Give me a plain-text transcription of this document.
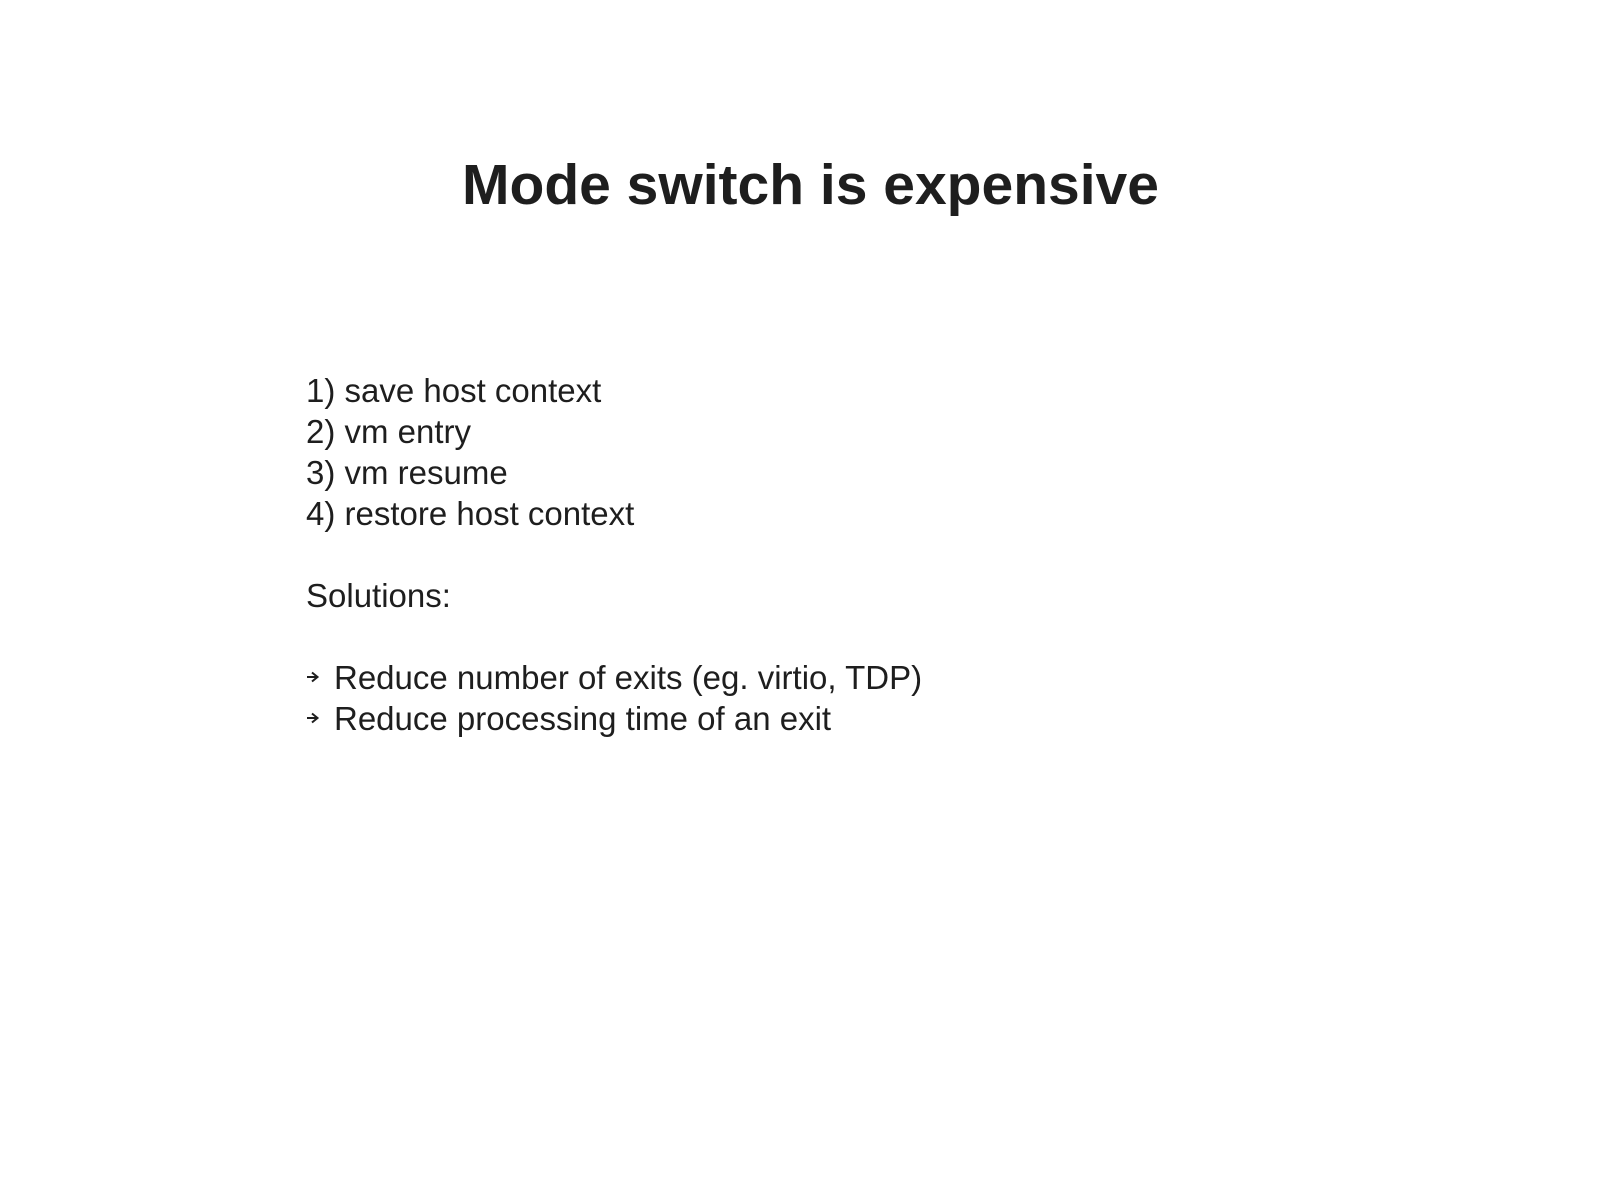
Mode switch is expensive
1) save host context
2) vm entry
3) vm resume
4) restore host context
Solutions:
Reduce number of exits (eg. virtio, TDP)
Reduce processing time of an exit
